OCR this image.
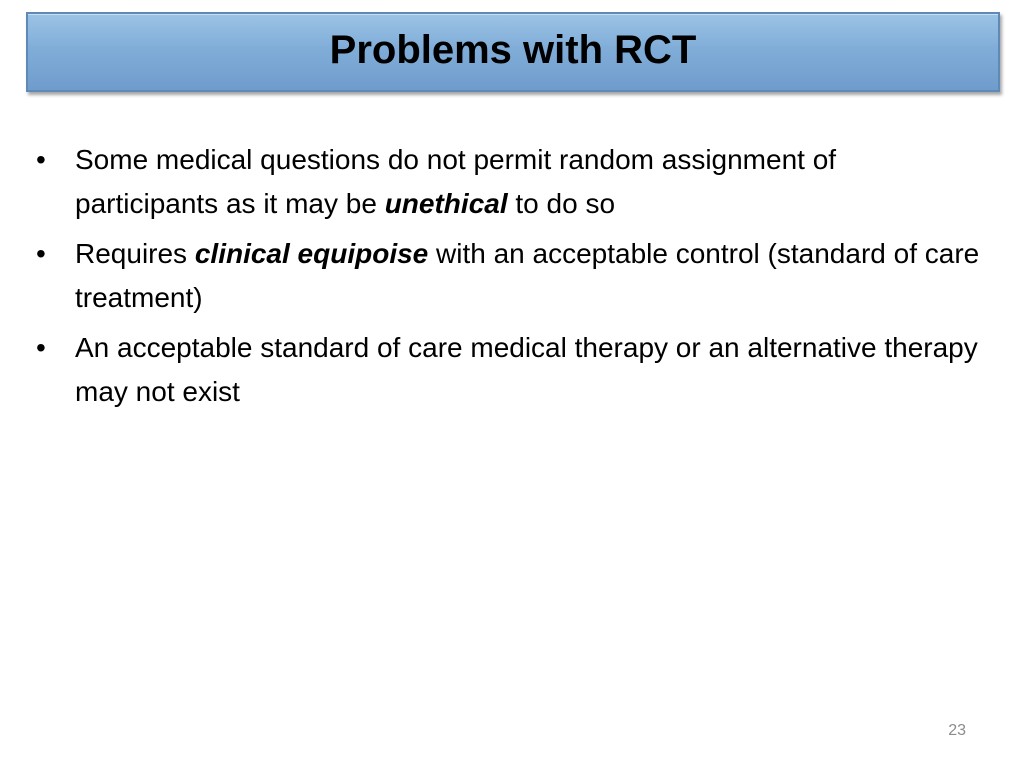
Problems with RCT
• Some medical questions do not permit random assignment of participants as it may be unethical to do so
• Requires clinical equipoise with an acceptable control (standard of care treatment)
• An acceptable standard of care medical therapy or an alternative therapy may not exist
23
